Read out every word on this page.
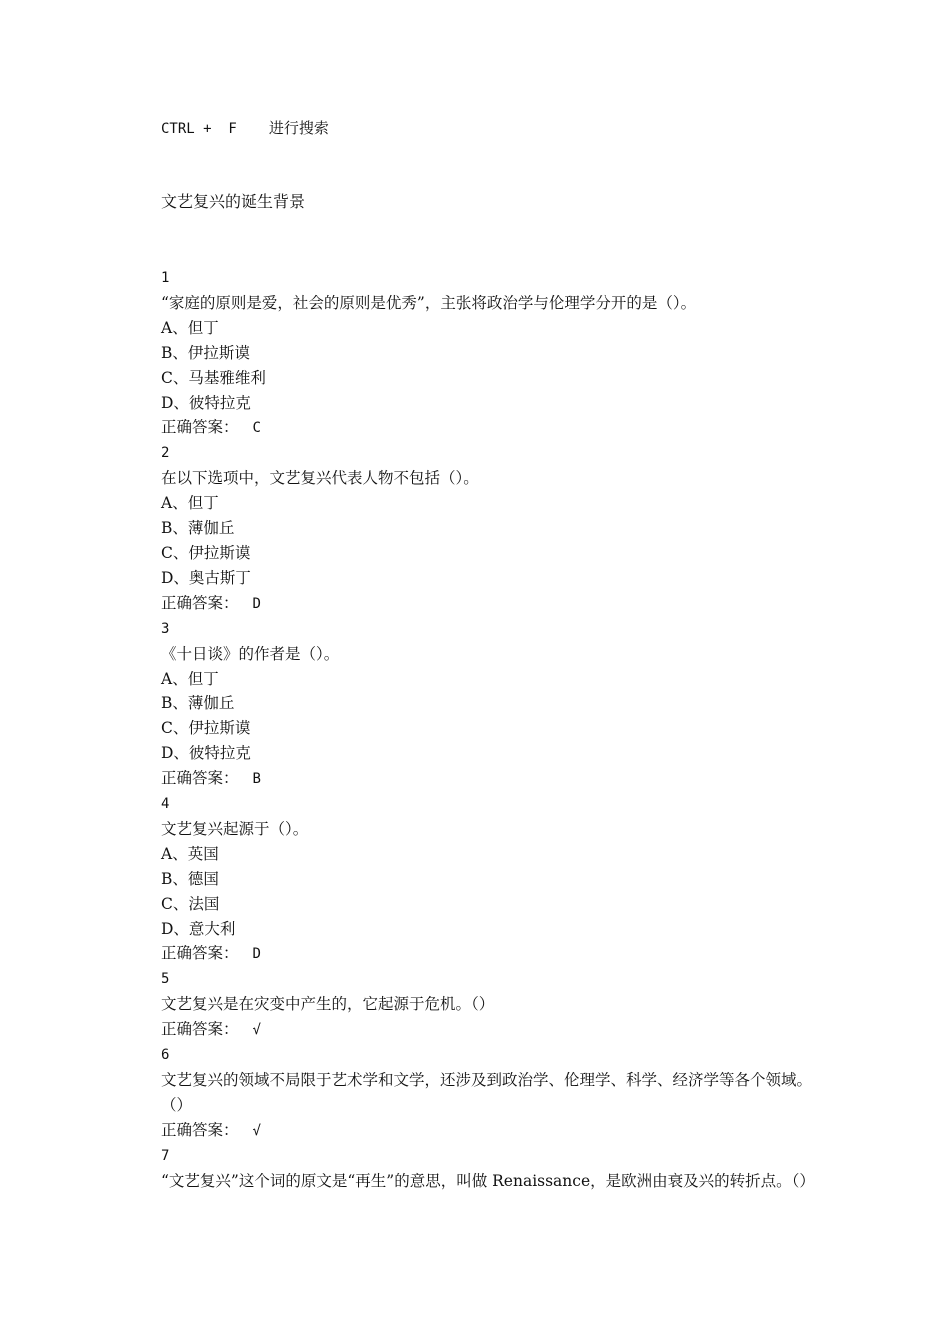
CTRL +  F 进行搜索
文艺复兴的诞生背景
1
“家庭的原则是爱，社会的原则是优秀”，主张将政治学与伦理学分开的是（）。
A、但丁
B、伊拉斯谟
C、马基雅维利
D、彼特拉克
正确答案： C
2
在以下选项中，文艺复兴代表人物不包括（）。
A、但丁
B、薄伽丘
C、伊拉斯谟
D、奥古斯丁
正确答案： D
3
《十日谈》的作者是（）。
A、但丁
B、薄伽丘
C、伊拉斯谟
D、彼特拉克
正确答案： B
4
文艺复兴起源于（）。
A、英国
B、德国
C、法国
D、意大利
正确答案： D
5
文艺复兴是在灾变中产生的，它起源于危机。（）
正确答案： √
6
文艺复兴的领域不局限于艺术学和文学，还涉及到政治学、伦理学、科学、经济学等各个领域。（）
正确答案： √
7
“文艺复兴”这个词的原文是“再生”的意思，叫做 Renaissance，是欧洲由衰及兴的转折点。（）
